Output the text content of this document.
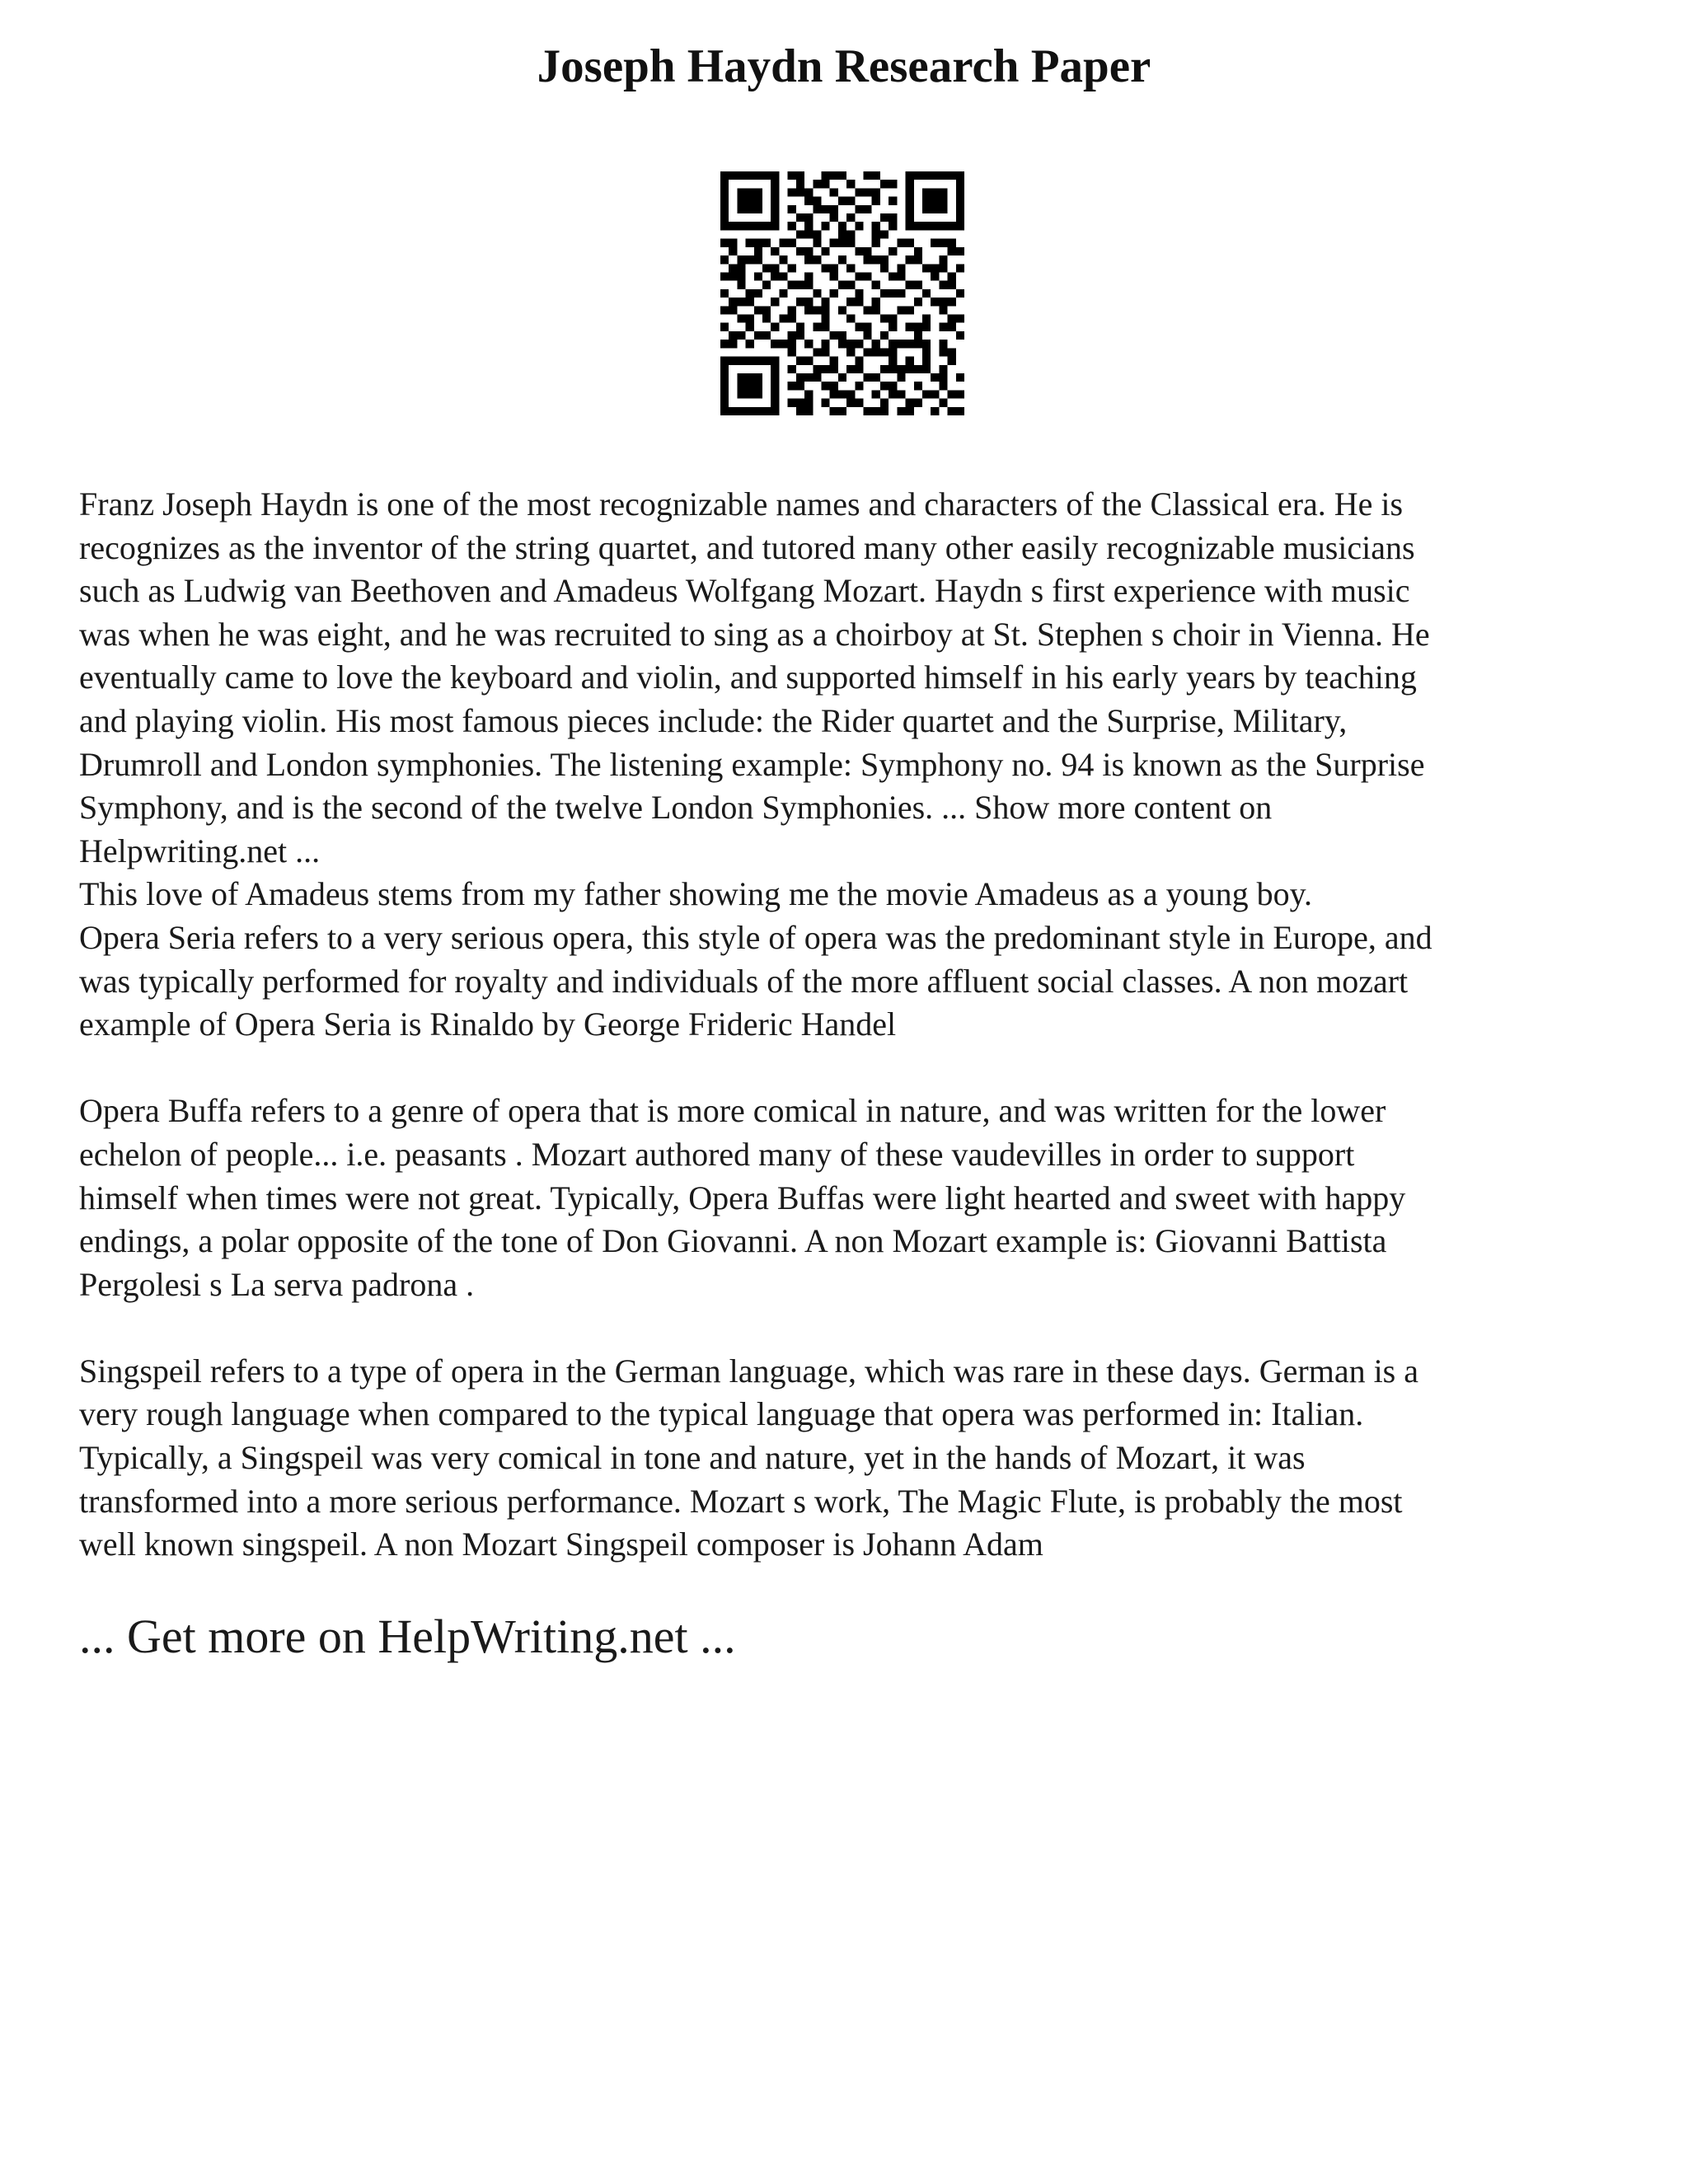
Joseph Haydn Research Paper

Franz Joseph Haydn is one of the most recognizable names and characters of the Classical era. He is
recognizes as the inventor of the string quartet, and tutored many other easily recognizable musicians
such as Ludwig van Beethoven and Amadeus Wolfgang Mozart. Haydn s first experience with music
was when he was eight, and he was recruited to sing as a choirboy at St. Stephen s choir in Vienna. He
eventually came to love the keyboard and violin, and supported himself in his early years by teaching
and playing violin. His most famous pieces include: the Rider quartet and the Surprise, Military,
Drumroll and London symphonies. The listening example: Symphony no. 94 is known as the Surprise
Symphony, and is the second of the twelve London Symphonies. ... Show more content on
Helpwriting.net ...

This love of Amadeus stems from my father showing me the movie Amadeus as a young boy.

Opera Seria refers to a very serious opera, this style of opera was the predominant style in Europe, and
was typically performed for royalty and individuals of the more affluent social classes. A non mozart
example of Opera Seria is Rinaldo by George Frideric Handel

Opera Buffa refers to a genre of opera that is more comical in nature, and was written for the lower
echelon of people... i.e. peasants . Mozart authored many of these vaudevilles in order to support
himself when times were not great. Typically, Opera Buffas were light hearted and sweet with happy
endings, a polar opposite of the tone of Don Giovanni. A non Mozart example is: Giovanni Battista
Pergolesi s La serva padrona .

Singspeil refers to a type of opera in the German language, which was rare in these days. German is a
very rough language when compared to the typical language that opera was performed in: Italian.
Typically, a Singspeil was very comical in tone and nature, yet in the hands of Mozart, it was
transformed into a more serious performance. Mozart s work, The Magic Flute, is probably the most
well known singspeil. A non Mozart Singspeil composer is Johann Adam

... Get more on HelpWriting.net ...
